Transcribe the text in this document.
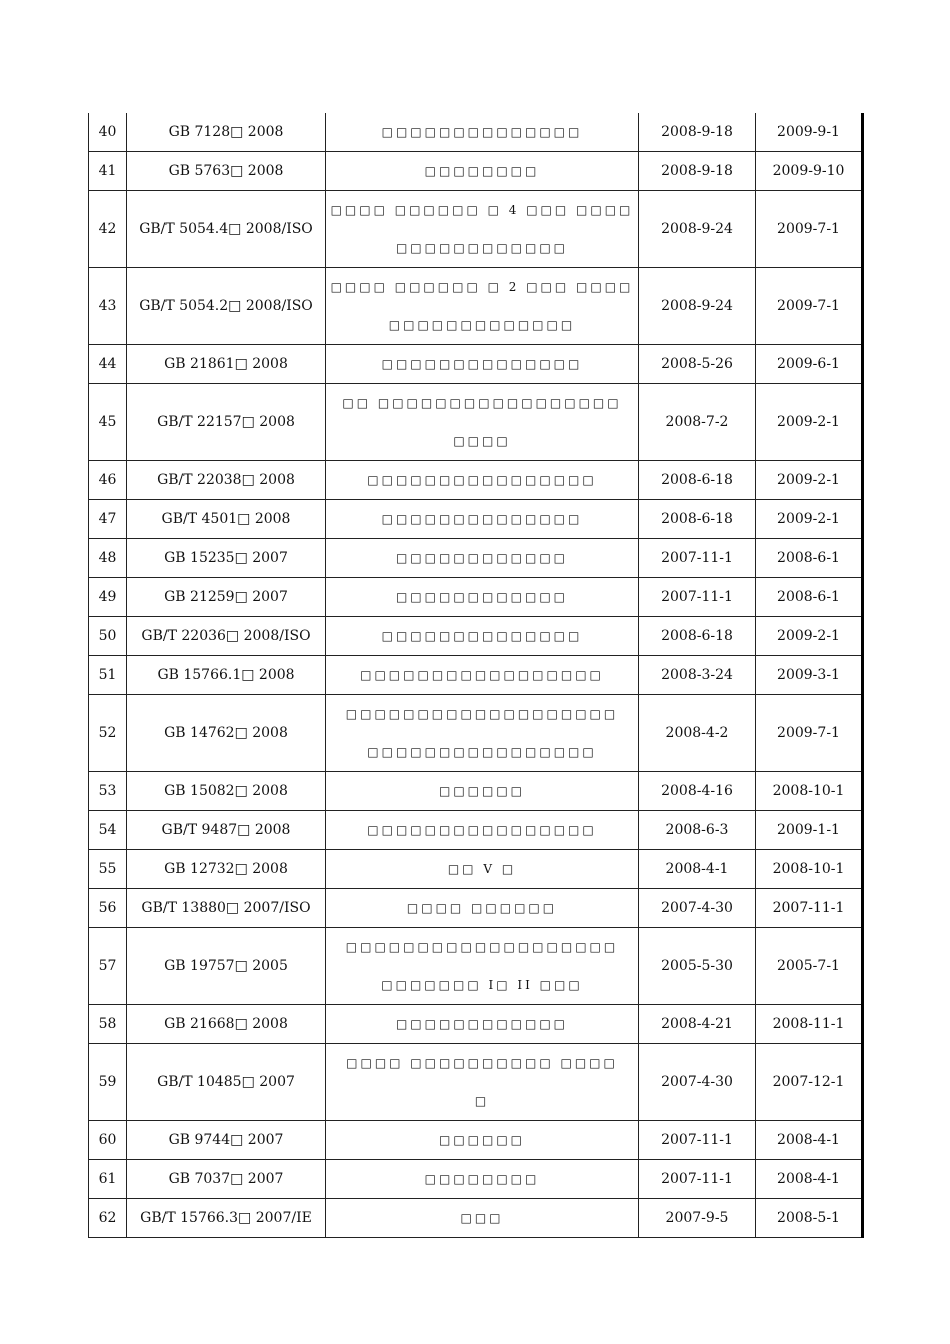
40	GB 7128□ 2008	□□□□□□□□□□□□□□	2008-9-18	2009-9-1
41	GB 5763□ 2008	□□□□□□□□	2008-9-18	2009-9-10
42	GB/T 5054.4□ 2008/ISO	□□□□ □□□□□□ □ 4 □□□ □□□□
□□□□□□□□□□□□	2008-9-24	2009-7-1
43	GB/T 5054.2□ 2008/ISO	□□□□ □□□□□□ □ 2 □□□ □□□□
□□□□□□□□□□□□□	2008-9-24	2009-7-1
44	GB 21861□ 2008	□□□□□□□□□□□□□□	2008-5-26	2009-6-1
45	GB/T 22157□ 2008	□□ □□□□□□□□□□□□□□□□□
□□□□	2008-7-2	2009-2-1
46	GB/T 22038□ 2008	□□□□□□□□□□□□□□□□	2008-6-18	2009-2-1
47	GB/T 4501□ 2008	□□□□□□□□□□□□□□	2008-6-18	2009-2-1
48	GB 15235□ 2007	□□□□□□□□□□□□	2007-11-1	2008-6-1
49	GB 21259□ 2007	□□□□□□□□□□□□	2007-11-1	2008-6-1
50	GB/T 22036□ 2008/ISO	□□□□□□□□□□□□□□	2008-6-18	2009-2-1
51	GB 15766.1□ 2008	□□□□□□□□□□□□□□□□□	2008-3-24	2009-3-1
52	GB 14762□ 2008	□□□□□□□□□□□□□□□□□□□
□□□□□□□□□□□□□□□□	2008-4-2	2009-7-1
53	GB 15082□ 2008	□□□□□□	2008-4-16	2008-10-1
54	GB/T 9487□ 2008	□□□□□□□□□□□□□□□□	2008-6-3	2009-1-1
55	GB 12732□ 2008	□□ V □	2008-4-1	2008-10-1
56	GB/T 13880□ 2007/ISO	□□□□ □□□□□□	2007-4-30	2007-11-1
57	GB 19757□ 2005	□□□□□□□□□□□□□□□□□□□
□□□□□□□ I□ II □□□	2005-5-30	2005-7-1
58	GB 21668□ 2008	□□□□□□□□□□□□	2008-4-21	2008-11-1
59	GB/T 10485□ 2007	□□□□ □□□□□□□□□□ □□□□
□	2007-4-30	2007-12-1
60	GB 9744□ 2007	□□□□□□	2007-11-1	2008-4-1
61	GB 7037□ 2007	□□□□□□□□	2007-11-1	2008-4-1
62	GB/T 15766.3□ 2007/IE	□□□	2007-9-5	2008-5-1
